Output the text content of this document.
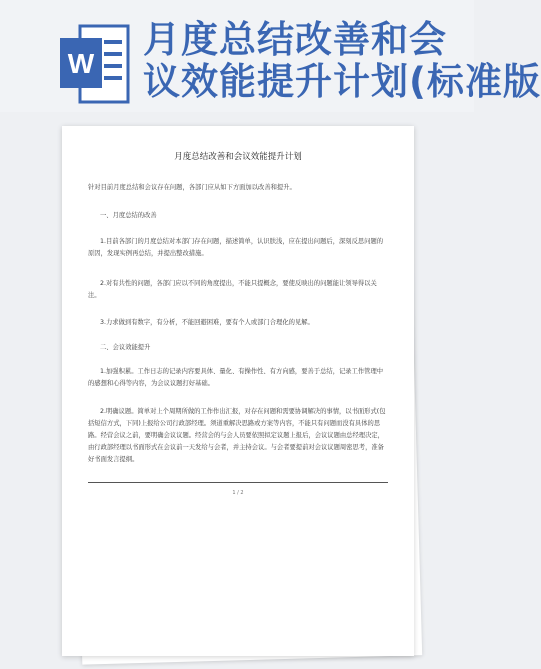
W
月度总结改善和会
议效能提升计划(标准版
月度总结改善和会议效能提升计划

针对目前月度总结和会议存在问题，各部门应从如下方面加以改善和提升。

一、月度总结的改善

1.目前各部门的月度总结对本部门存在问题，描述简单，认识肤浅，应在提出问题后，深刻反思问题的原因，发现实例再总结，并提出整改措施。

2.对有共性的问题，各部门应以不同的角度提出，不能只提概念，要使反映出的问题能让领导得以关注。

3.力求做到有数字，有分析，不能回避困难，要有个人或部门合理化的见解。

二、会议效能提升

1.加强积累。工作日志的记录内容要具体、量化、有操作性、有方向感，要善于总结，记录工作管理中的感想和心得等内容，为会议议题打好基础。

2.明确议题。简单对上个周期所做的工作作出汇报，对存在问题和需要协调解决的事情，以书面形式(包括短信方式，下同)上报给公司行政部经理。须道重解决思路或方案等内容，不能只有问题而没有具体的思路。经营会议之前，要明确会议议题。经营会的与会人员要依照拟定议题上报后，会议议题由总经理决定，由行政部经理以书面形式在会议前一天发给与会者，并主持会议。与会者要提前对会议议题周密思考，准备好书面发言提纲。

1 / 2
